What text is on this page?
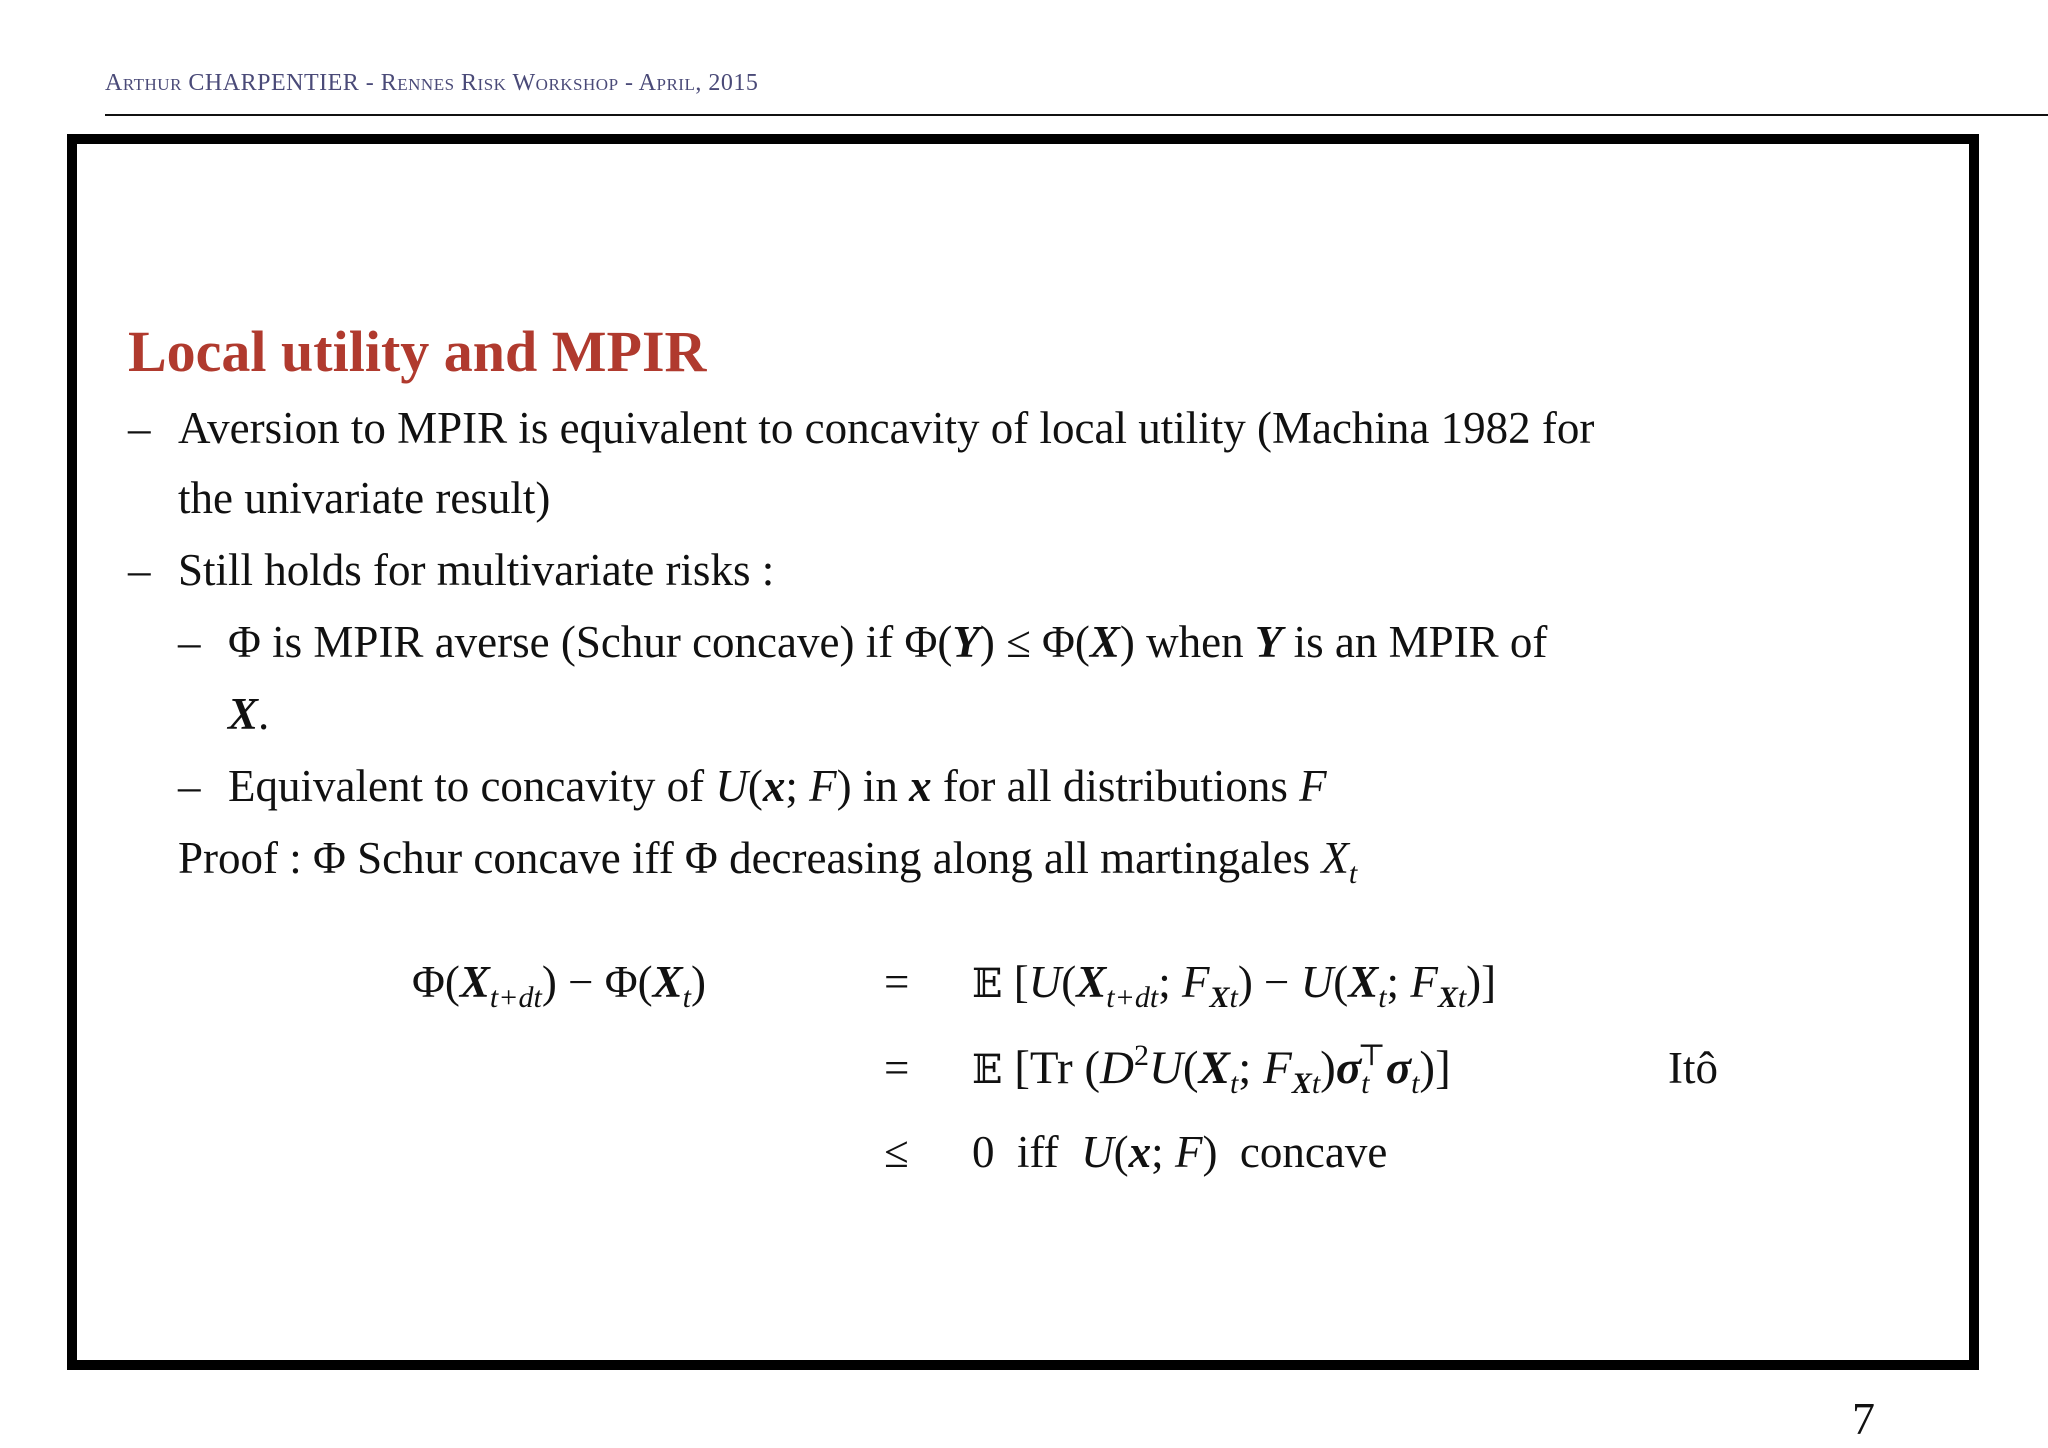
Arthur CHARPENTIER - Rennes Risk Workshop - April, 2015
Local utility and MPIR
– Aversion to MPIR is equivalent to concavity of local utility (Machina 1982 for
the univariate result)
– Still holds for multivariate risks :
– Φ is MPIR averse (Schur concave) if Φ(Y) ≤ Φ(X) when Y is an MPIR of
X.
– Equivalent to concavity of U(x; F) in x for all distributions F
Proof : Φ Schur concave iff Φ decreasing along all martingales $X_t$
$\Phi(X_{t+dt}) - \Phi(X_t)$	= 𝔼 [$U(X_{t+dt}$; $F_{Xt}) - U(X_t$; $F_{Xt}$)]
= 𝔼 [Tr ($D^2U(X_t$; $F_{Xt})\sigma_t^⊤\sigma_t$)]	Itô
≤ 0  iff  U(x; F)  concave
7
